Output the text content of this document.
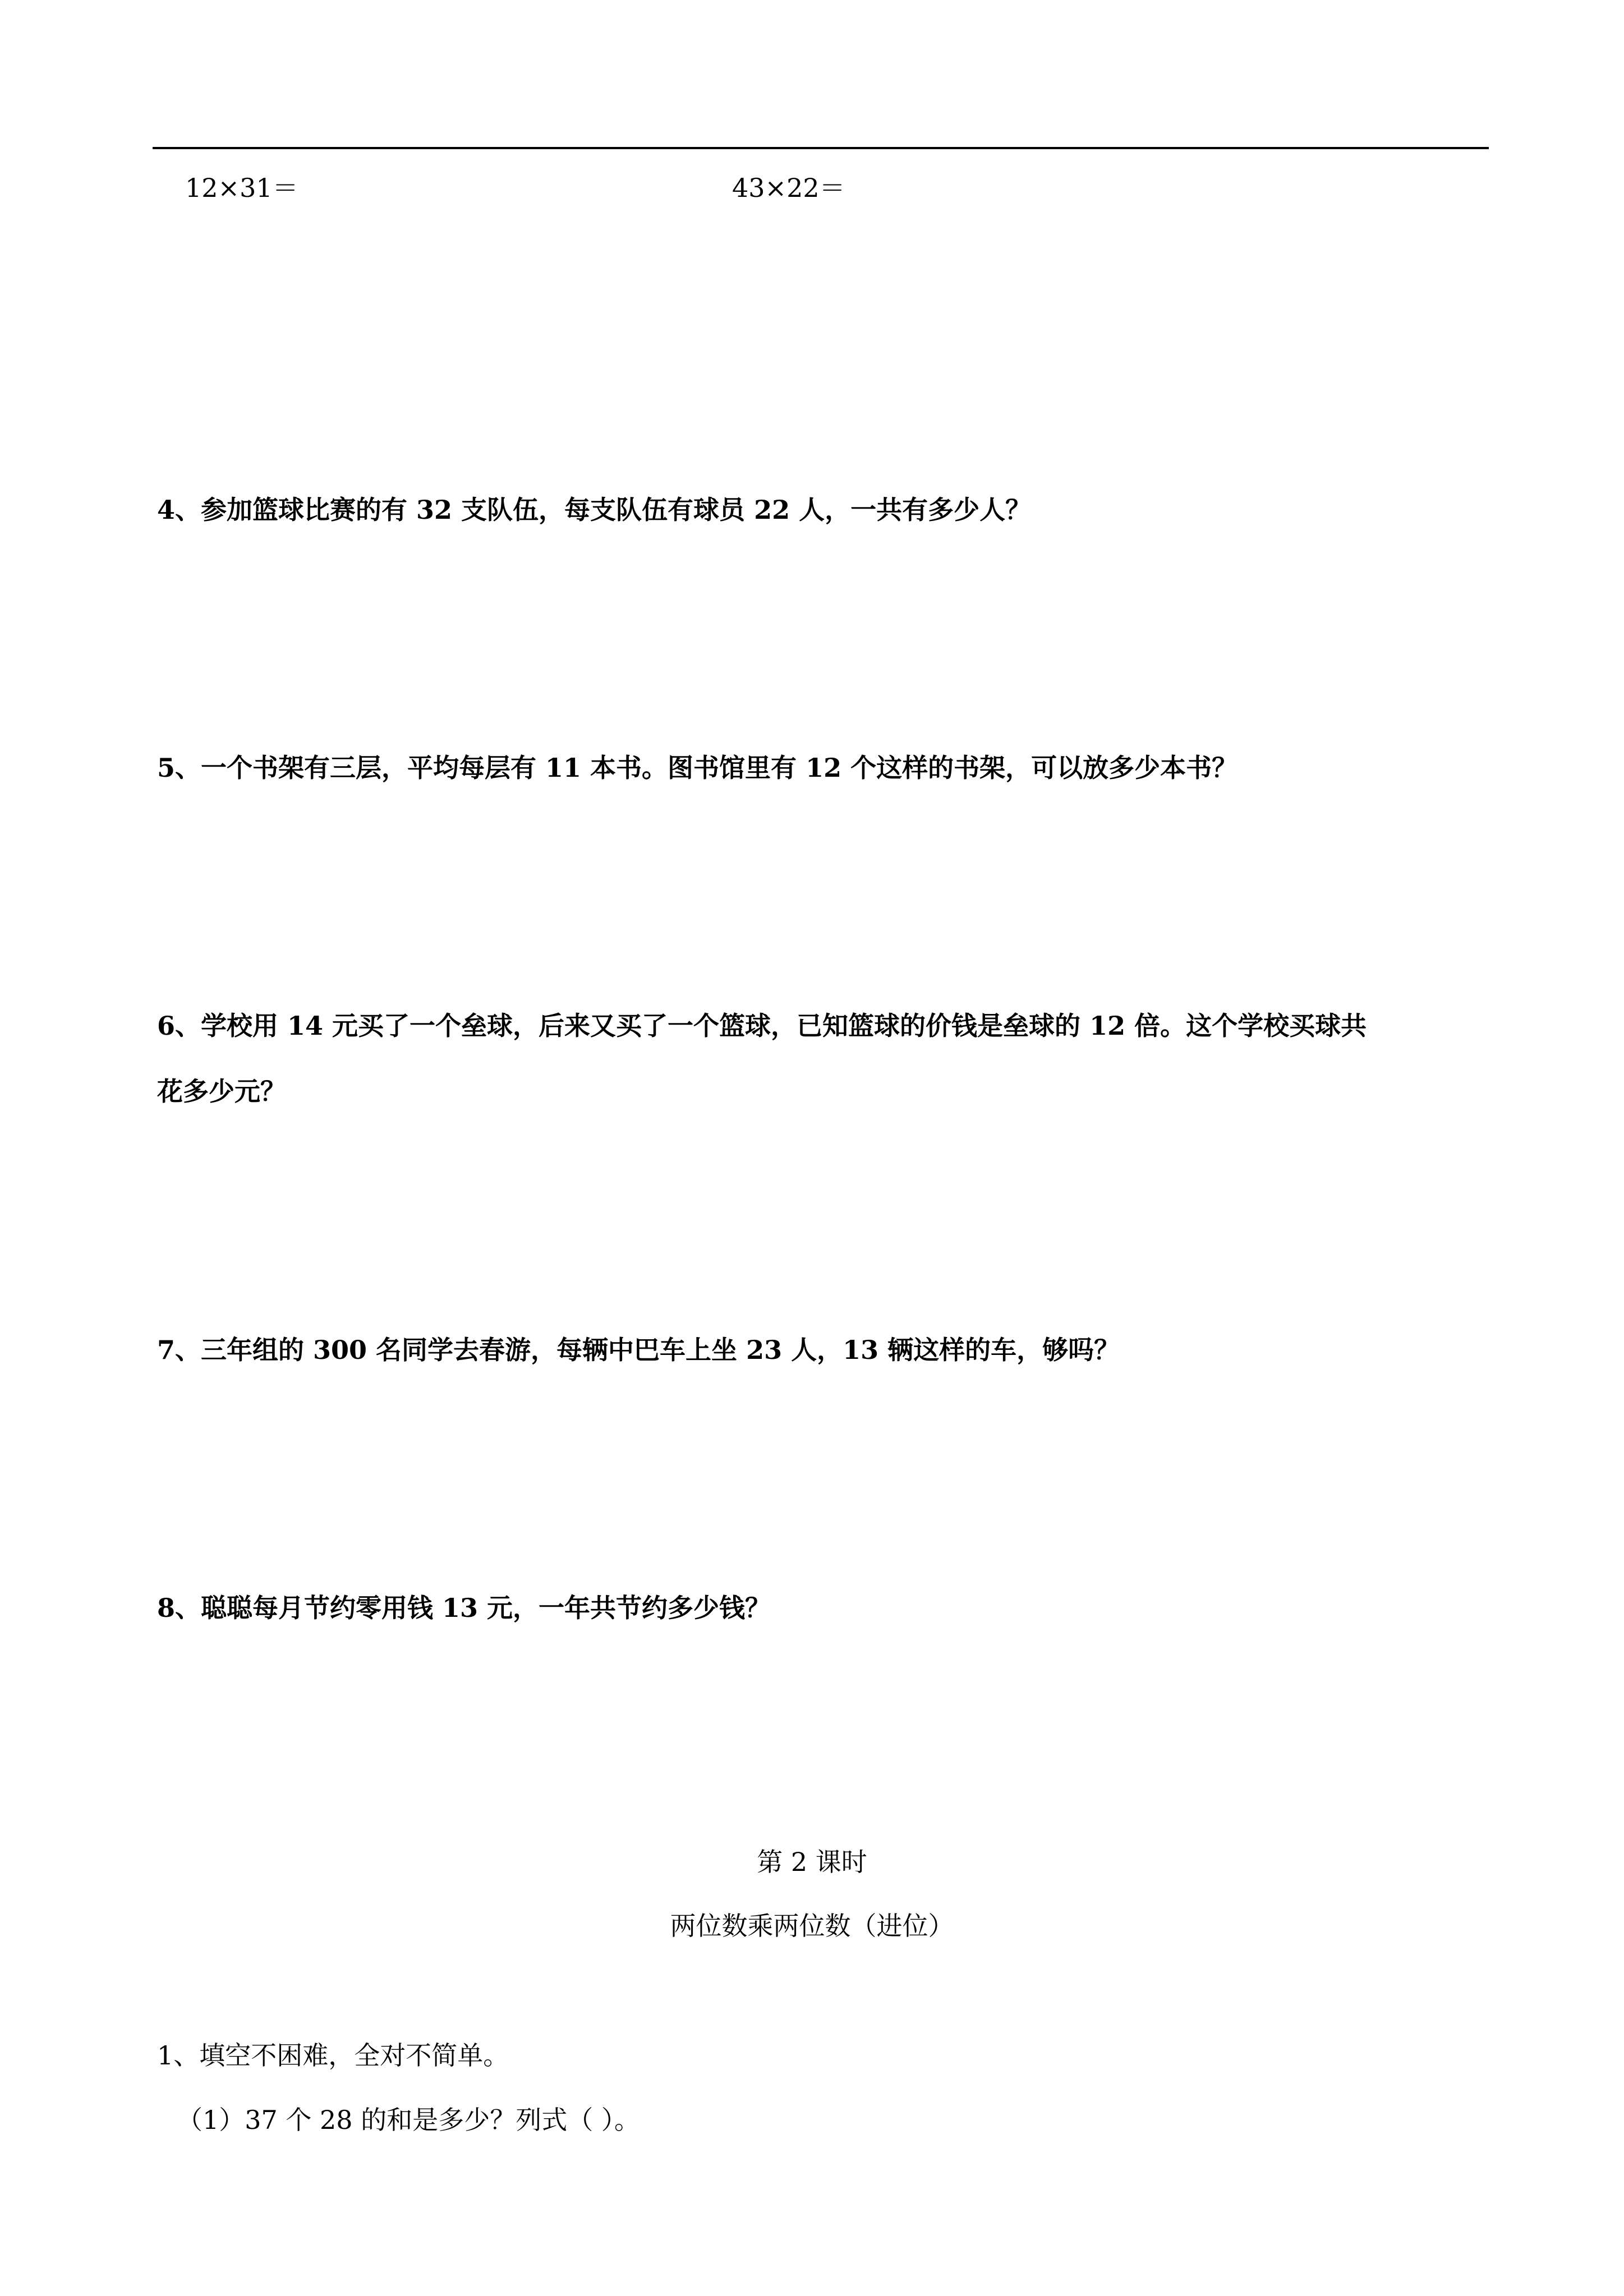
12×31＝	43×22＝
4、参加篮球比赛的有 32 支队伍，每支队伍有球员 22 人，一共有多少人？
5、一个书架有三层，平均每层有 11 本书。图书馆里有 12 个这样的书架，可以放多少本书？
6、学校用 14 元买了一个垒球，后来又买了一个篮球，已知篮球的价钱是垒球的 12 倍。这个学校买球共
花多少元？
7、三年组的 300 名同学去春游，每辆中巴车上坐 23 人，13 辆这样的车，够吗？
8、聪聪每月节约零用钱 13 元，一年共节约多少钱？
第 2 课时
两位数乘两位数（进位）
1、填空不困难，全对不简单。
（1）37 个 28 的和是多少？列式（ ）。
